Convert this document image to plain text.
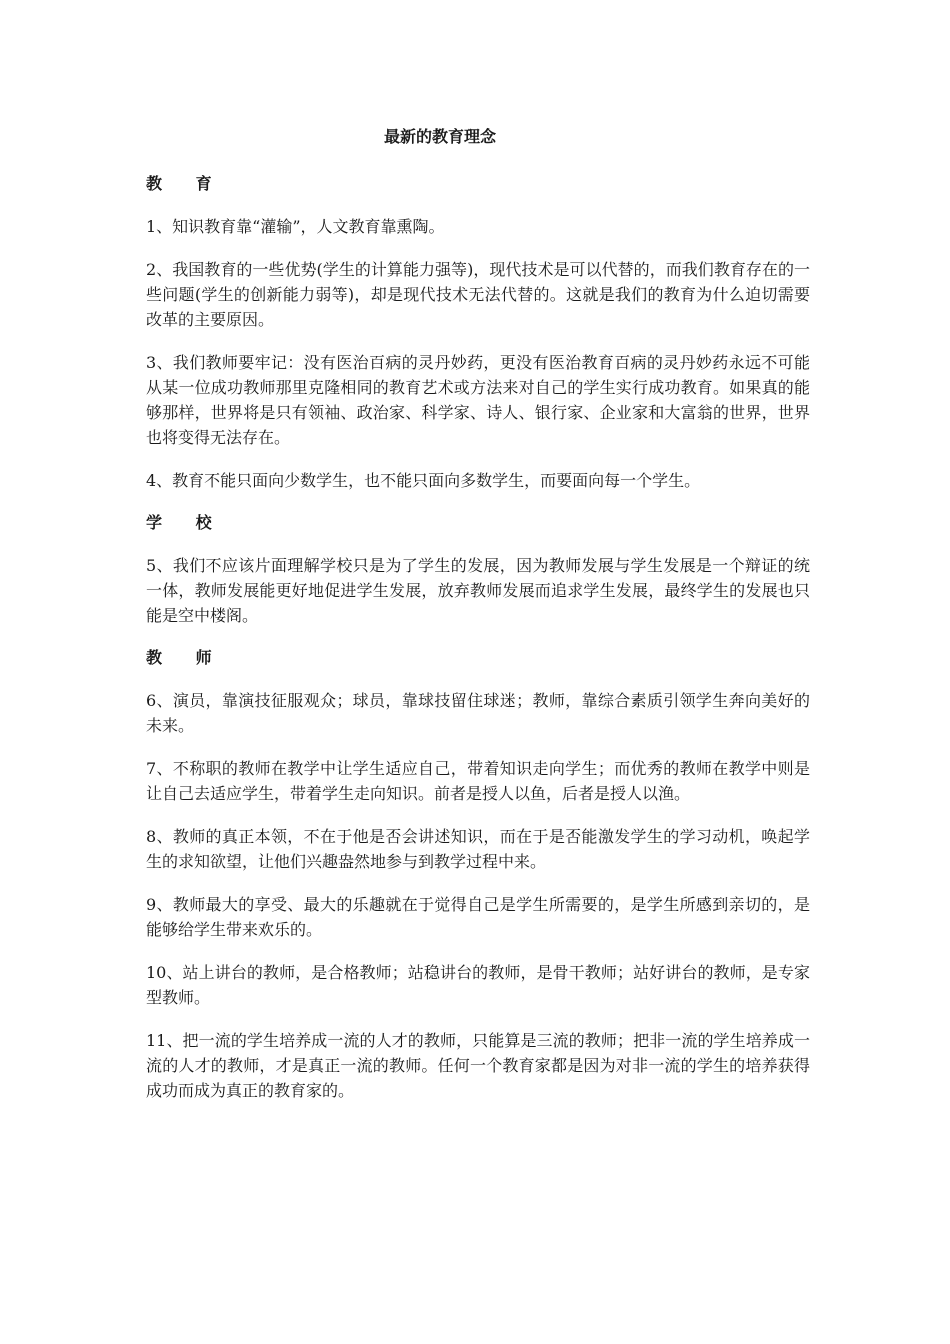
最新的教育理念
教 育

1、知识教育靠“灌输”，人文教育靠熏陶。

2、我国教育的一些优势(学生的计算能力强等)，现代技术是可以代替的，而我们教育存在的一些问题(学生的创新能力弱等)，却是现代技术无法代替的。这就是我们的教育为什么迫切需要改革的主要原因。

3、我们教师要牢记：没有医治百病的灵丹妙药，更没有医治教育百病的灵丹妙药永远不可能从某一位成功教师那里克隆相同的教育艺术或方法来对自己的学生实行成功教育。如果真的能够那样，世界将是只有领袖、政治家、科学家、诗人、银行家、企业家和大富翁的世界，世界也将变得无法存在。

4、教育不能只面向少数学生，也不能只面向多数学生，而要面向每一个学生。

学 校

5、我们不应该片面理解学校只是为了学生的发展，因为教师发展与学生发展是一个辩证的统一体，教师发展能更好地促进学生发展，放弃教师发展而追求学生发展，最终学生的发展也只能是空中楼阁。

教 师

6、演员，靠演技征服观众；球员，靠球技留住球迷；教师，靠综合素质引领学生奔向美好的未来。

7、不称职的教师在教学中让学生适应自己，带着知识走向学生；而优秀的教师在教学中则是让自己去适应学生，带着学生走向知识。前者是授人以鱼，后者是授人以渔。

8、教师的真正本领，不在于他是否会讲述知识，而在于是否能激发学生的学习动机，唤起学生的求知欲望，让他们兴趣盎然地参与到教学过程中来。

9、教师最大的享受、最大的乐趣就在于觉得自己是学生所需要的，是学生所感到亲切的，是能够给学生带来欢乐的。

10、站上讲台的教师，是合格教师；站稳讲台的教师，是骨干教师；站好讲台的教师，是专家型教师。

11、把一流的学生培养成一流的人才的教师，只能算是三流的教师；把非一流的学生培养成一流的人才的教师，才是真正一流的教师。任何一个教育家都是因为对非一流的学生的培养获得成功而成为真正的教育家的。
